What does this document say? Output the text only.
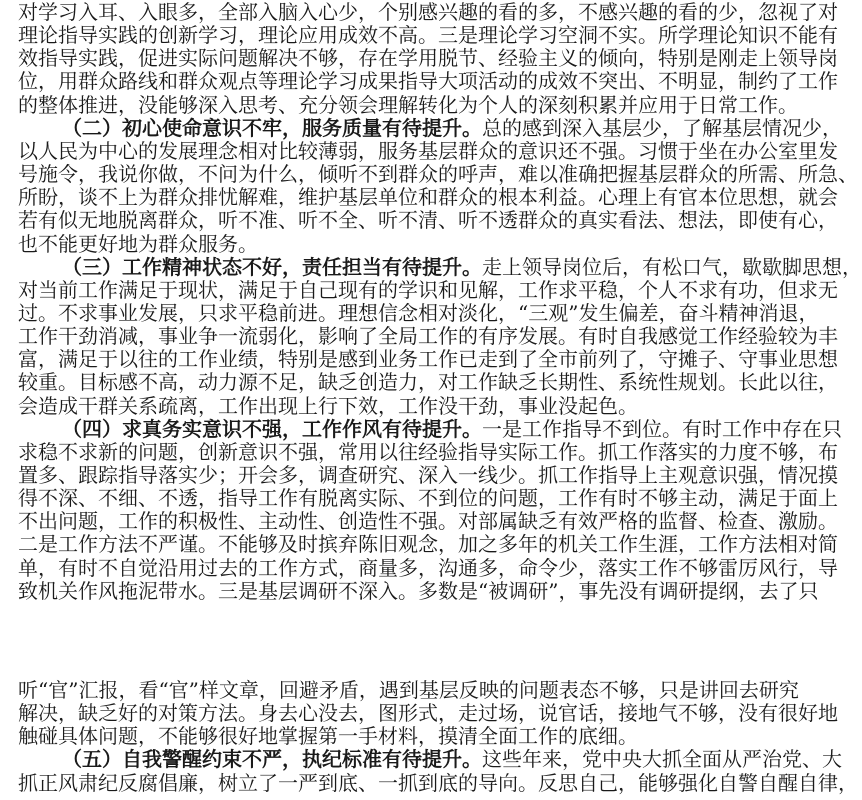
对学习入耳、入眼多，全部入脑入心少，个别感兴趣的看的多，不感兴趣的看的少，忽视了对
理论指导实践的创新学习，理论应用成效不高。三是理论学习空洞不实。所学理论知识不能有
效指导实践，促进实际问题解决不够，存在学用脱节、经验主义的倾向，特别是刚走上领导岗
位，用群众路线和群众观点等理论学习成果指导大项活动的成效不突出、不明显，制约了工作
的整体推进，没能够深入思考、充分领会理解转化为个人的深刻积累并应用于日常工作。
（二）初心使命意识不牢，服务质量有待提升。总的感到深入基层少，了解基层情况少，
以人民为中心的发展理念相对比较薄弱，服务基层群众的意识还不强。习惯于坐在办公室里发
号施令，我说你做，不问为什么，倾听不到群众的呼声，难以准确把握基层群众的所需、所急、
所盼，谈不上为群众排忧解难，维护基层单位和群众的根本利益。心理上有官本位思想，就会
若有似无地脱离群众，听不准、听不全、听不清、听不透群众的真实看法、想法，即使有心，
也不能更好地为群众服务。
（三）工作精神状态不好，责任担当有待提升。走上领导岗位后，有松口气，歇歇脚思想，
对当前工作满足于现状，满足于自己现有的学识和见解，工作求平稳，个人不求有功，但求无
过。不求事业发展，只求平稳前进。理想信念相对淡化，“三观”发生偏差，奋斗精神消退，
工作干劲消减，事业争一流弱化，影响了全局工作的有序发展。有时自我感觉工作经验较为丰
富，满足于以往的工作业绩，特别是感到业务工作已走到了全市前列了，守摊子、守事业思想
较重。目标感不高，动力源不足，缺乏创造力，对工作缺乏长期性、系统性规划。长此以往，
会造成干群关系疏离，工作出现上行下效，工作没干劲，事业没起色。
（四）求真务实意识不强，工作作风有待提升。一是工作指导不到位。有时工作中存在只
求稳不求新的问题，创新意识不强，常用以往经验指导实际工作。抓工作落实的力度不够，布
置多、跟踪指导落实少；开会多，调查研究、深入一线少。抓工作指导上主观意识强，情况摸
得不深、不细、不透，指导工作有脱离实际、不到位的问题，工作有时不够主动，满足于面上
不出问题，工作的积极性、主动性、创造性不强。对部属缺乏有效严格的监督、检查、激励。
二是工作方法不严谨。不能够及时摈弃陈旧观念，加之多年的机关工作生涯，工作方法相对简
单，有时不自觉沿用过去的工作方式，商量多，沟通多，命令少，落实工作不够雷厉风行，导
致机关作风拖泥带水。三是基层调研不深入。多数是“被调研”，事先没有调研提纲，去了只
听“官”汇报，看“官”样文章，回避矛盾，遇到基层反映的问题表态不够，只是讲回去研究
解决，缺乏好的对策方法。身去心没去，图形式，走过场，说官话，接地气不够，没有很好地
触碰具体问题，不能够很好地掌握第一手材料，摸清全面工作的底细。
（五）自我警醒约束不严，执纪标准有待提升。这些年来，党中央大抓全面从严治党、大
抓正风肃纪反腐倡廉，树立了一严到底、一抓到底的导向。反思自己，能够强化自警自醒自律，
